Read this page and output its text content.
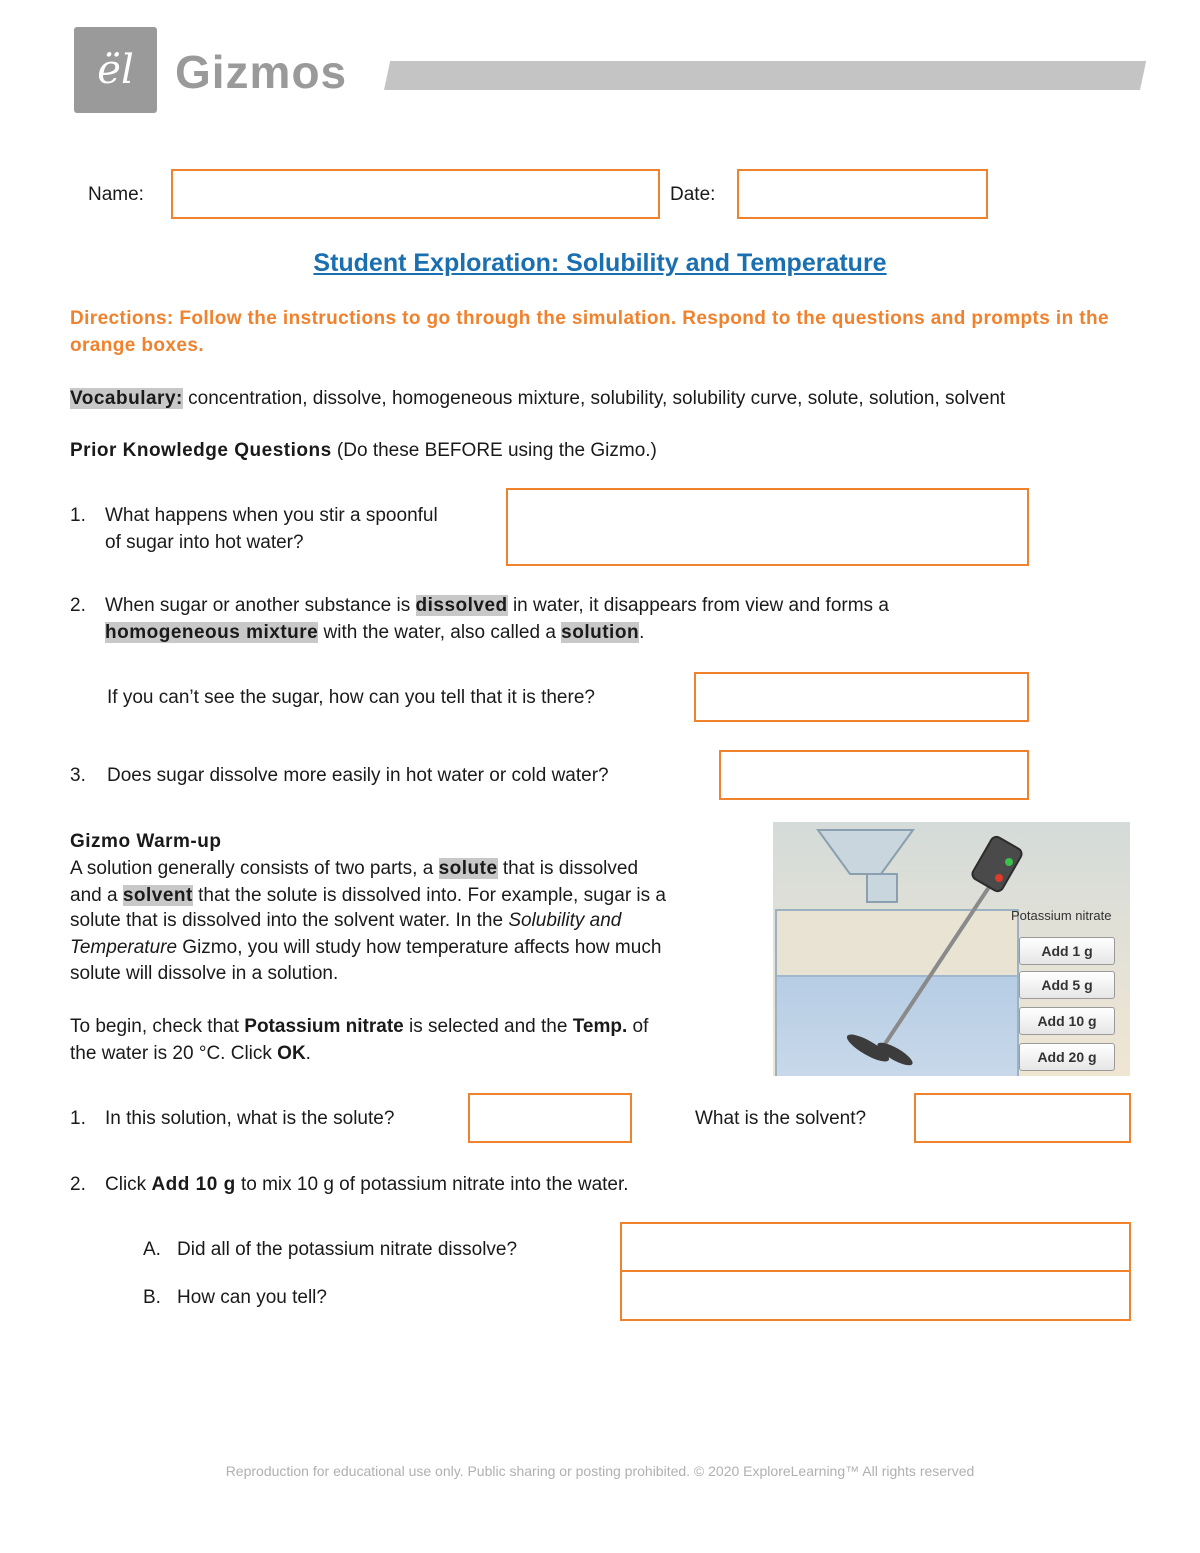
ël Gizmos
Name:	Date:
Student Exploration: Solubility and Temperature
Directions: Follow the instructions to go through the simulation. Respond to the questions and prompts in the orange boxes.
Vocabulary: concentration, dissolve, homogeneous mixture, solubility, solubility curve, solute, solution, solvent
Prior Knowledge Questions (Do these BEFORE using the Gizmo.)
1. What happens when you stir a spoonful
of sugar into hot water?
2. When sugar or another substance is dissolved in water, it disappears from view and forms a
homogeneous mixture with the water, also called a solution.
If you can’t see the sugar, how can you tell that it is there?
3. Does sugar dissolve more easily in hot water or cold water?
Gizmo Warm-up
A solution generally consists of two parts, a solute that is dissolved
and a solvent that the solute is dissolved into. For example, sugar is a
solute that is dissolved into the solvent water. In the Solubility and
Temperature Gizmo, you will study how temperature affects how much
solute will dissolve in a solution.
To begin, check that Potassium nitrate is selected and the Temp. of
the water is 20 °C. Click OK.
Potassium nitrate
Add 1 g
Add 5 g
Add 10 g
Add 20 g
1. In this solution, what is the solute?	What is the solvent?
2. Click Add 10 g to mix 10 g of potassium nitrate into the water.
A. Did all of the potassium nitrate dissolve?
B. How can you tell?
Reproduction for educational use only. Public sharing or posting prohibited. © 2020 ExploreLearning™ All rights reserved
